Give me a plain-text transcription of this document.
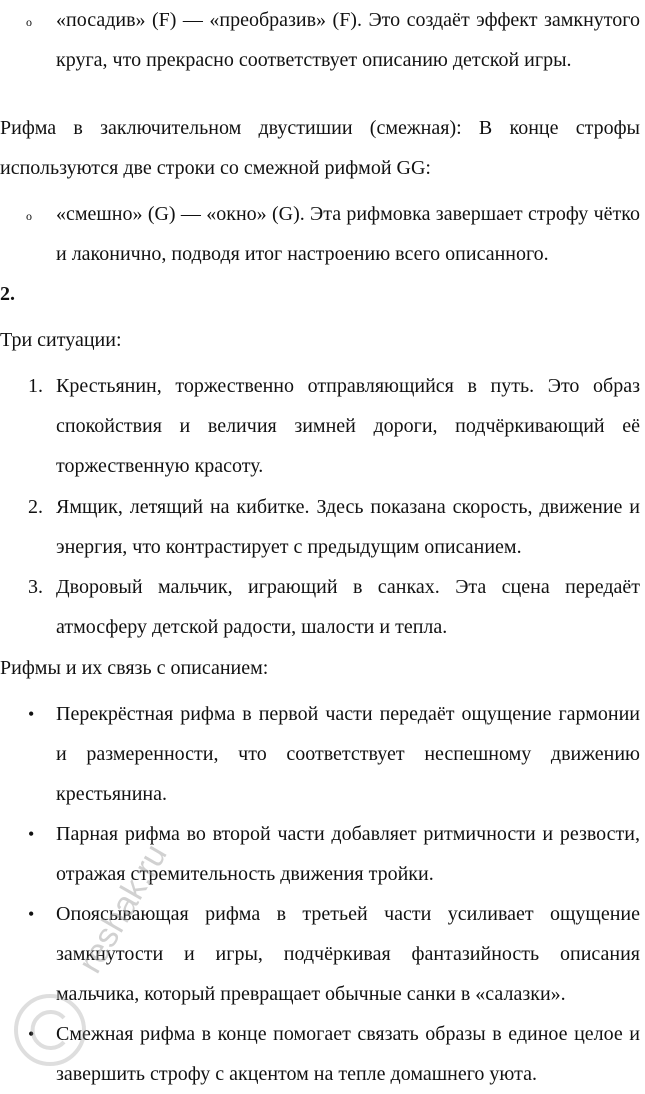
o	«посадив» (F) — «преобразив» (F). Это создаёт эффект замкнутого круга, что прекрасно соответствует описанию детской игры.

Рифма в заключительном двустишии (смежная): В конце строфы используются две строки со смежной рифмой GG:

o	«смешно» (G) — «окно» (G). Эта рифмовка завершает строфу чётко и лаконично, подводя итог настроению всего описанного.

2.

Три ситуации:

1. Крестьянин, торжественно отправляющийся в путь. Это образ спокойствия и величия зимней дороги, подчёркивающий её торжественную красоту.

2. Ямщик, летящий на кибитке. Здесь показана скорость, движение и энергия, что контрастирует с предыдущим описанием.

3. Дворовый мальчик, играющий в санках. Эта сцена передаёт атмосферу детской радости, шалости и тепла.

Рифмы и их связь с описанием:

•	Перекрёстная рифма в первой части передаёт ощущение гармонии и размеренности, что соответствует неспешному движению крестьянина.

•	Парная рифма во второй части добавляет ритмичности и резвости, отражая стремительность движения тройки.

•	Опоясывающая рифма в третьей части усиливает ощущение замкнутости и игры, подчёркивая фантазийность описания мальчика, который превращает обычные санки в «салазки».

•	Смежная рифма в конце помогает связать образы в единое целое и завершить строфу с акцентом на тепле домашнего уюта.

reshak.ru
